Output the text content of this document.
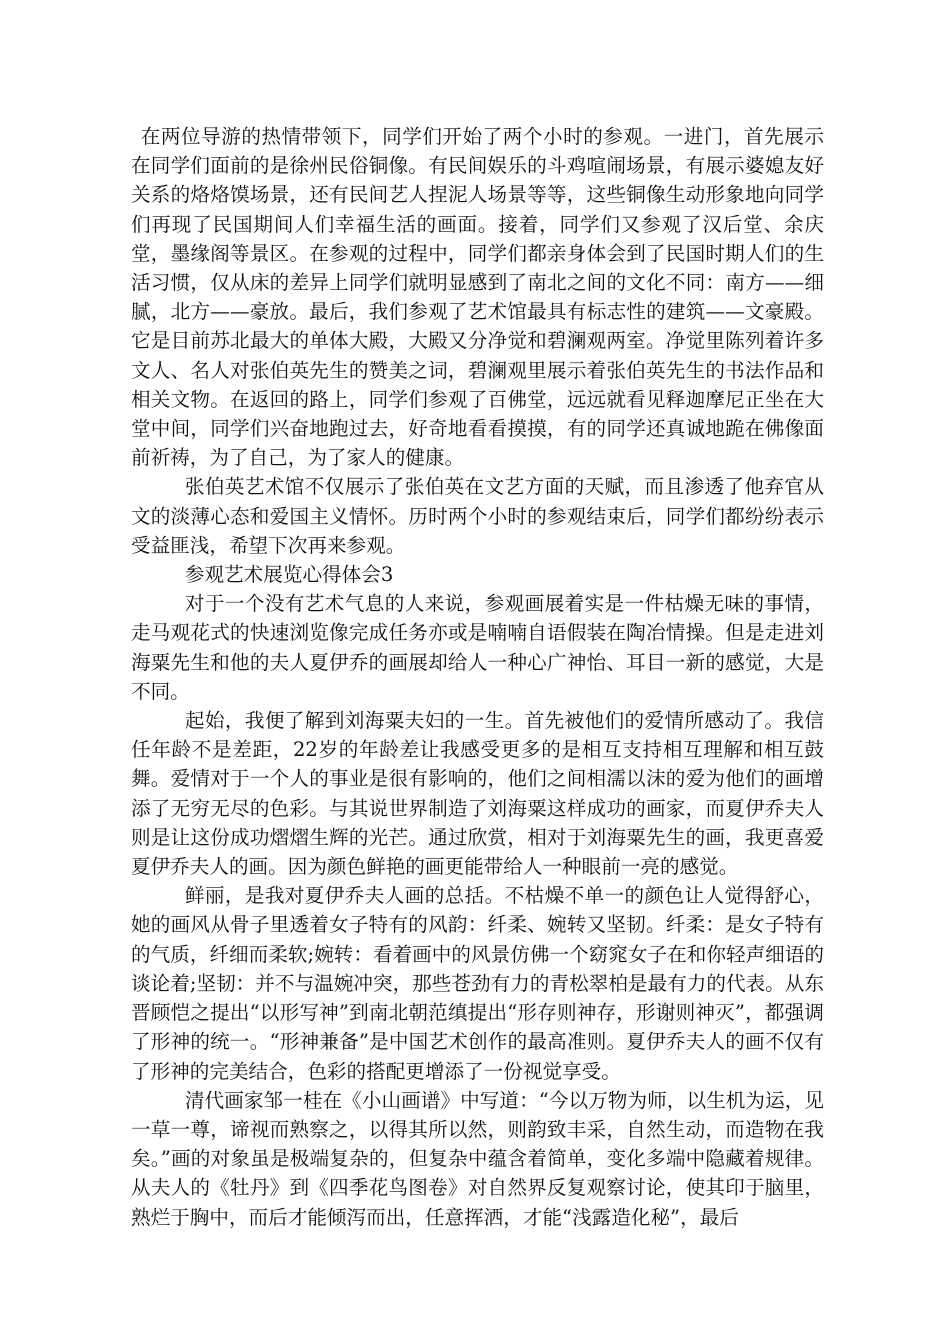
在两位导游的热情带领下，同学们开始了两个小时的参观。一进门，首先展示在同学们面前的是徐州民俗铜像。有民间娱乐的斗鸡喧闹场景，有展示婆媳友好关系的烙烙馍场景，还有民间艺人捏泥人场景等等，这些铜像生动形象地向同学们再现了民国期间人们幸福生活的画面。接着，同学们又参观了汉后堂、余庆堂，墨缘阁等景区。在参观的过程中，同学们都亲身体会到了民国时期人们的生活习惯，仅从床的差异上同学们就明显感到了南北之间的文化不同：南方——细腻，北方——豪放。最后，我们参观了艺术馆最具有标志性的建筑——文豪殿。它是目前苏北最大的单体大殿，大殿又分净觉和碧澜观两室。净觉里陈列着许多文人、名人对张伯英先生的赞美之词，碧澜观里展示着张伯英先生的书法作品和相关文物。在返回的路上，同学们参观了百佛堂，远远就看见释迦摩尼正坐在大堂中间，同学们兴奋地跑过去，好奇地看看摸摸，有的同学还真诚地跪在佛像面前祈祷，为了自己，为了家人的健康。

张伯英艺术馆不仅展示了张伯英在文艺方面的天赋，而且渗透了他弃官从文的淡薄心态和爱国主义情怀。历时两个小时的参观结束后，同学们都纷纷表示受益匪浅，希望下次再来参观。

参观艺术展览心得体会3

对于一个没有艺术气息的人来说，参观画展着实是一件枯燥无味的事情，走马观花式的快速浏览像完成任务亦或是喃喃自语假装在陶冶情操。但是走进刘海粟先生和他的夫人夏伊乔的画展却给人一种心广神怡、耳目一新的感觉，大是不同。

起始，我便了解到刘海粟夫妇的一生。首先被他们的爱情所感动了。我信任年龄不是差距，22岁的年龄差让我感受更多的是相互支持相互理解和相互鼓舞。爱情对于一个人的事业是很有影响的，他们之间相濡以沫的爱为他们的画增添了无穷无尽的色彩。与其说世界制造了刘海粟这样成功的画家，而夏伊乔夫人则是让这份成功熠熠生辉的光芒。通过欣赏，相对于刘海粟先生的画，我更喜爱夏伊乔夫人的画。因为颜色鲜艳的画更能带给人一种眼前一亮的感觉。

鲜丽，是我对夏伊乔夫人画的总括。不枯燥不单一的颜色让人觉得舒心，她的画风从骨子里透着女子特有的风韵：纤柔、婉转又坚韧。纤柔：是女子特有的气质，纤细而柔软;婉转：看着画中的风景仿佛一个窈窕女子在和你轻声细语的谈论着;坚韧：并不与温婉冲突，那些苍劲有力的青松翠柏是最有力的代表。从东晋顾恺之提出“以形写神”到南北朝范缜提出“形存则神存，形谢则神灭”，都强调了形神的统一。“形神兼备”是中国艺术创作的最高准则。夏伊乔夫人的画不仅有了形神的完美结合，色彩的搭配更增添了一份视觉享受。

清代画家邹一桂在《小山画谱》中写道：“今以万物为师，以生机为运，见一草一尊，谛视而熟察之，以得其所以然，则韵致丰采，自然生动，而造物在我矣。”画的对象虽是极端复杂的，但复杂中蕴含着简单，变化多端中隐藏着规律。从夫人的《牡丹》到《四季花鸟图卷》对自然界反复观察讨论，使其印于脑里，熟烂于胸中，而后才能倾泻而出，任意挥洒，才能“浅露造化秘”，最后
